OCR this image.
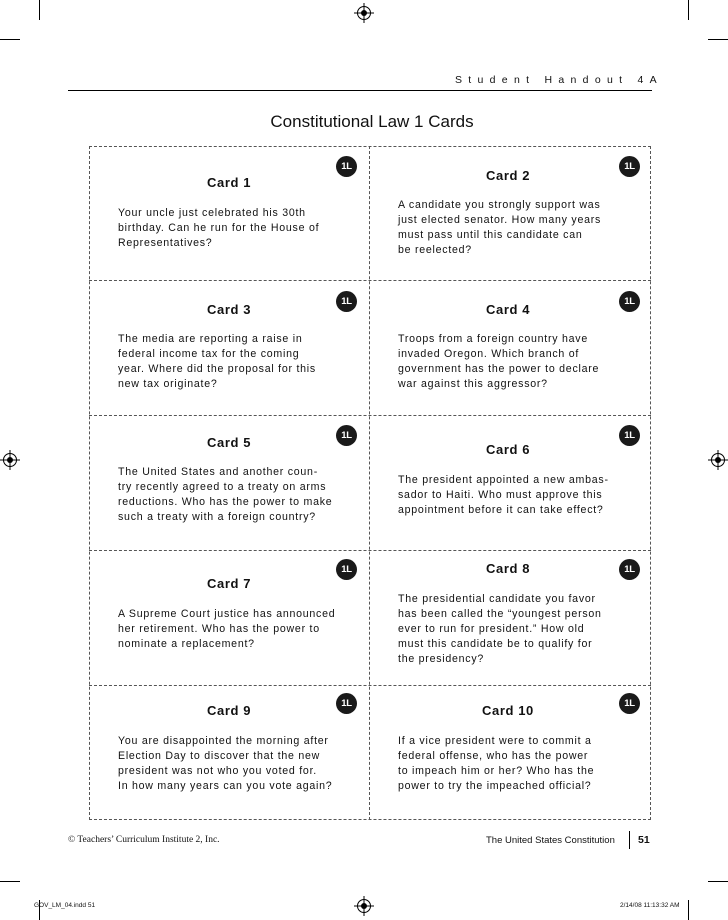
Student Handout 4A
Constitutional Law 1 Cards
1L
Card 1
Your uncle just celebrated his 30th
birthday. Can he run for the House of
Representatives?
1L
Card 2
A candidate you strongly support was
just elected senator. How many years
must pass until this candidate can
be reelected?
1L
Card 3
The media are reporting a raise in
federal income tax for the coming
year. Where did the proposal for this
new tax originate?
1L
Card 4
Troops from a foreign country have
invaded Oregon. Which branch of
government has the power to declare
war against this aggressor?
1L
Card 5
The United States and another coun-
try recently agreed to a treaty on arms
reductions. Who has the power to make
such a treaty with a foreign country?
1L
Card 6
The president appointed a new ambas-
sador to Haiti. Who must approve this
appointment before it can take effect?
1L
Card 7
A Supreme Court justice has announced
her retirement. Who has the power to
nominate a replacement?
1L
Card 8
The presidential candidate you favor
has been called the “youngest person
ever to run for president.” How old
must this candidate be to qualify for
the presidency?
1L
Card 9
You are disappointed the morning after
Election Day to discover that the new
president was not who you voted for.
In how many years can you vote again?
1L
Card 10
If a vice president were to commit a
federal offense, who has the power
to impeach him or her? Who has the
power to try the impeached official?
© Teachers’ Curriculum Institute 2, Inc.	The United States Constitution 51
GOV_LM_04.indd 51	2/14/08 11:13:32 AM
